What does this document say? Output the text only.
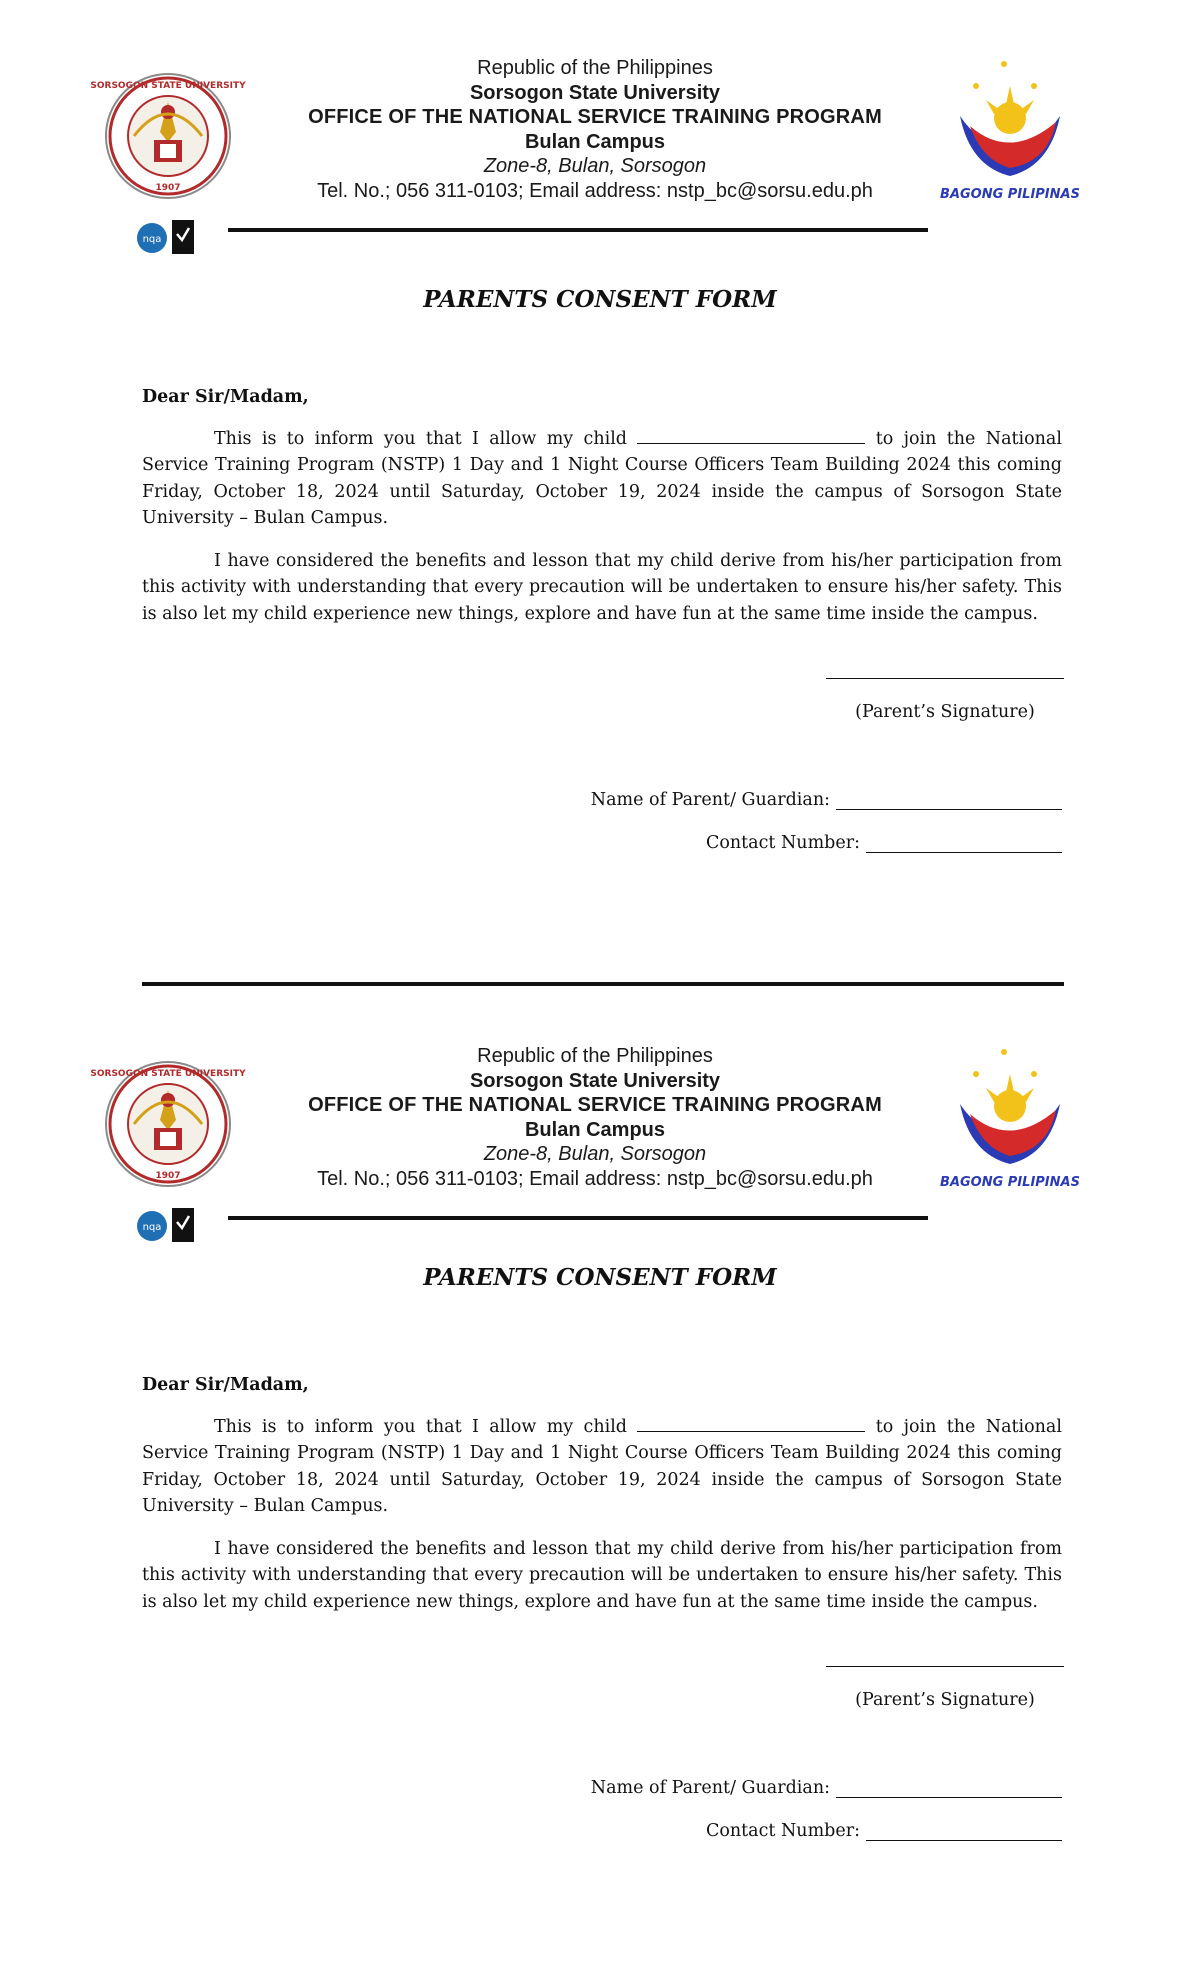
SORSOGON STATE UNIVERSITY
1907
nqa
Republic of the Philippines
Sorsogon State University
OFFICE OF THE NATIONAL SERVICE TRAINING PROGRAM
Bulan Campus
Zone-8, Bulan, Sorsogon
Tel. No.; 056 311-0103; Email address: nstp_bc@sorsu.edu.ph	BAGONG PILIPINAS
PARENTS CONSENT FORM

Dear Sir/Madam,

This is to inform you that I allow my child	to join the National Service Training Program (NSTP) 1 Day and 1 Night Course Officers Team Building 2024 this coming Friday, October 18, 2024 until Saturday, October 19, 2024 inside the campus of Sorsogon State University – Bulan Campus.

I have considered the benefits and lesson that my child derive from his/her participation from this activity with understanding that every precaution will be undertaken to ensure his/her safety. This is also let my child experience new things, explore and have fun at the same time inside the campus.

(Parent’s Signature)
Name of Parent/ Guardian:
Contact Number:
SORSOGON STATE UNIVERSITY
1907
nqa
Republic of the Philippines
Sorsogon State University
OFFICE OF THE NATIONAL SERVICE TRAINING PROGRAM
Bulan Campus
Zone-8, Bulan, Sorsogon
Tel. No.; 056 311-0103; Email address: nstp_bc@sorsu.edu.ph	BAGONG PILIPINAS
PARENTS CONSENT FORM

Dear Sir/Madam,

This is to inform you that I allow my child	to join the National Service Training Program (NSTP) 1 Day and 1 Night Course Officers Team Building 2024 this coming Friday, October 18, 2024 until Saturday, October 19, 2024 inside the campus of Sorsogon State University – Bulan Campus.

I have considered the benefits and lesson that my child derive from his/her participation from this activity with understanding that every precaution will be undertaken to ensure his/her safety. This is also let my child experience new things, explore and have fun at the same time inside the campus.

(Parent’s Signature)
Name of Parent/ Guardian:
Contact Number:
